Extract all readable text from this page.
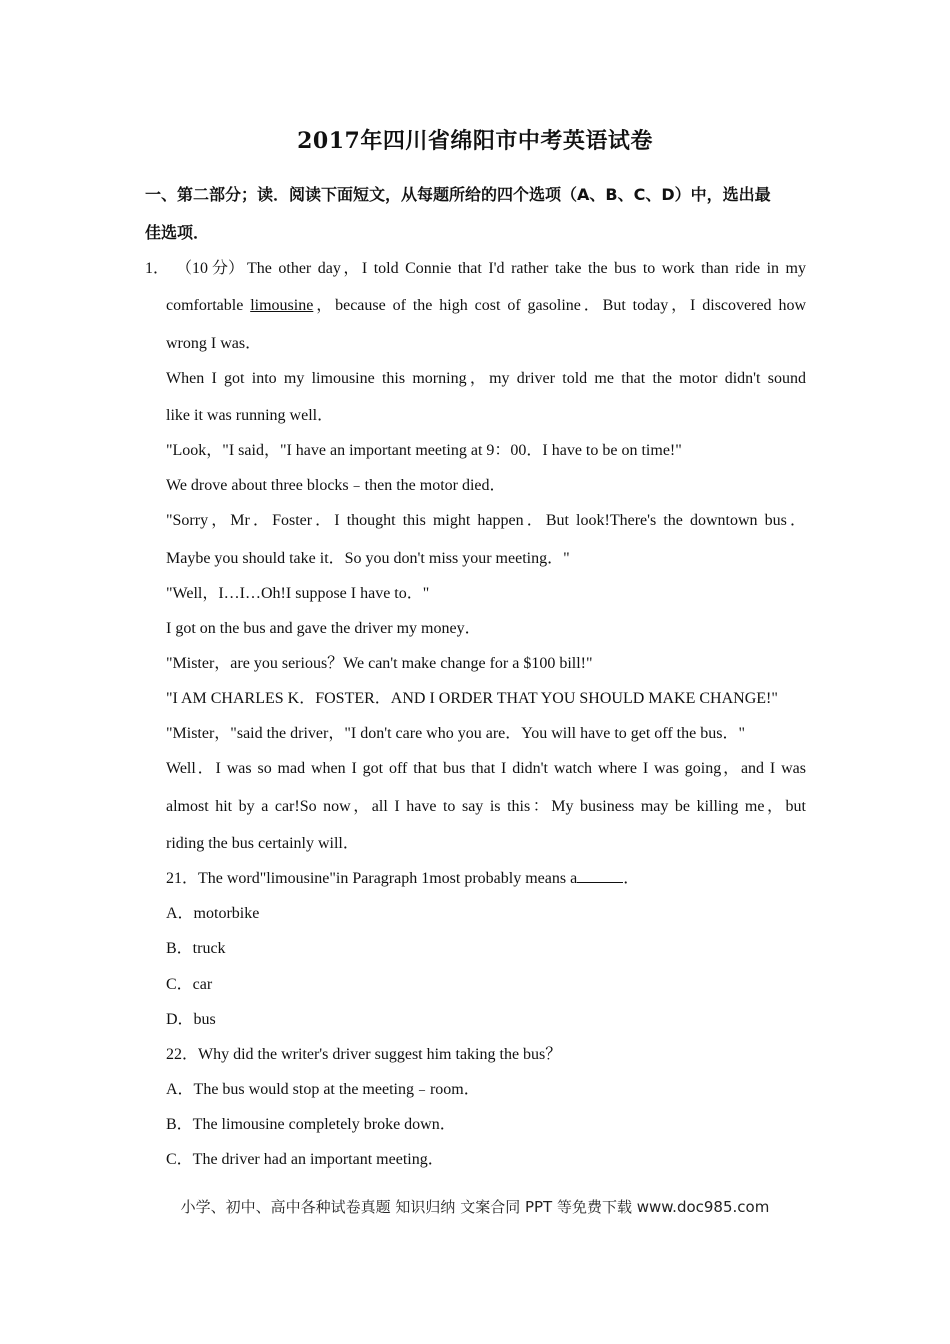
2017年四川省绵阳市中考英语试卷
一、第二部分；读．阅读下面短文，从每题所给的四个选项（A、B、C、D）中，选出最
佳选项．
1． （10 分） The other day，I told Connie that I'd rather take the bus to work than ride in my
comfortable limousine，because of the high cost of gasoline．But today，I discovered how
wrong I was．
When I got into my limousine this morning，my driver told me that the motor didn't sound
like it was running well．
"Look，"I said，"I have an important meeting at 9：00．I have to be on time!"
We drove about three blocks﹣then the motor died．
"Sorry，Mr．Foster．I thought this might happen．But look!There's the downtown bus．
Maybe you should take it．So you don't miss your meeting．"
"Well，I…I…Oh!I suppose I have to．"
I got on the bus and gave the driver my money．
"Mister，are you serious？We can't make change for a $100 bill!"
"I AM CHARLES K．FOSTER．AND I ORDER THAT YOU SHOULD MAKE CHANGE!"
"Mister，"said the driver，"I don't care who you are．You will have to get off the bus．"
Well．I was so mad when I got off that bus that I didn't watch where I was going，and I was
almost hit by a car!So now，all I have to say is this：My business may be killing me，but
riding the bus certainly will．
21．The word"limousine"in Paragraph 1most probably means a	．
A．motorbike
B．truck
C．car
D．bus
22．Why did the writer's driver suggest him taking the bus？
A．The bus would stop at the meeting﹣room．
B．The limousine completely broke down．
C．The driver had an important meeting．
小学、初中、高中各种试卷真题 知识归纳 文案合同 PPT 等免费下载 www.doc985.com
